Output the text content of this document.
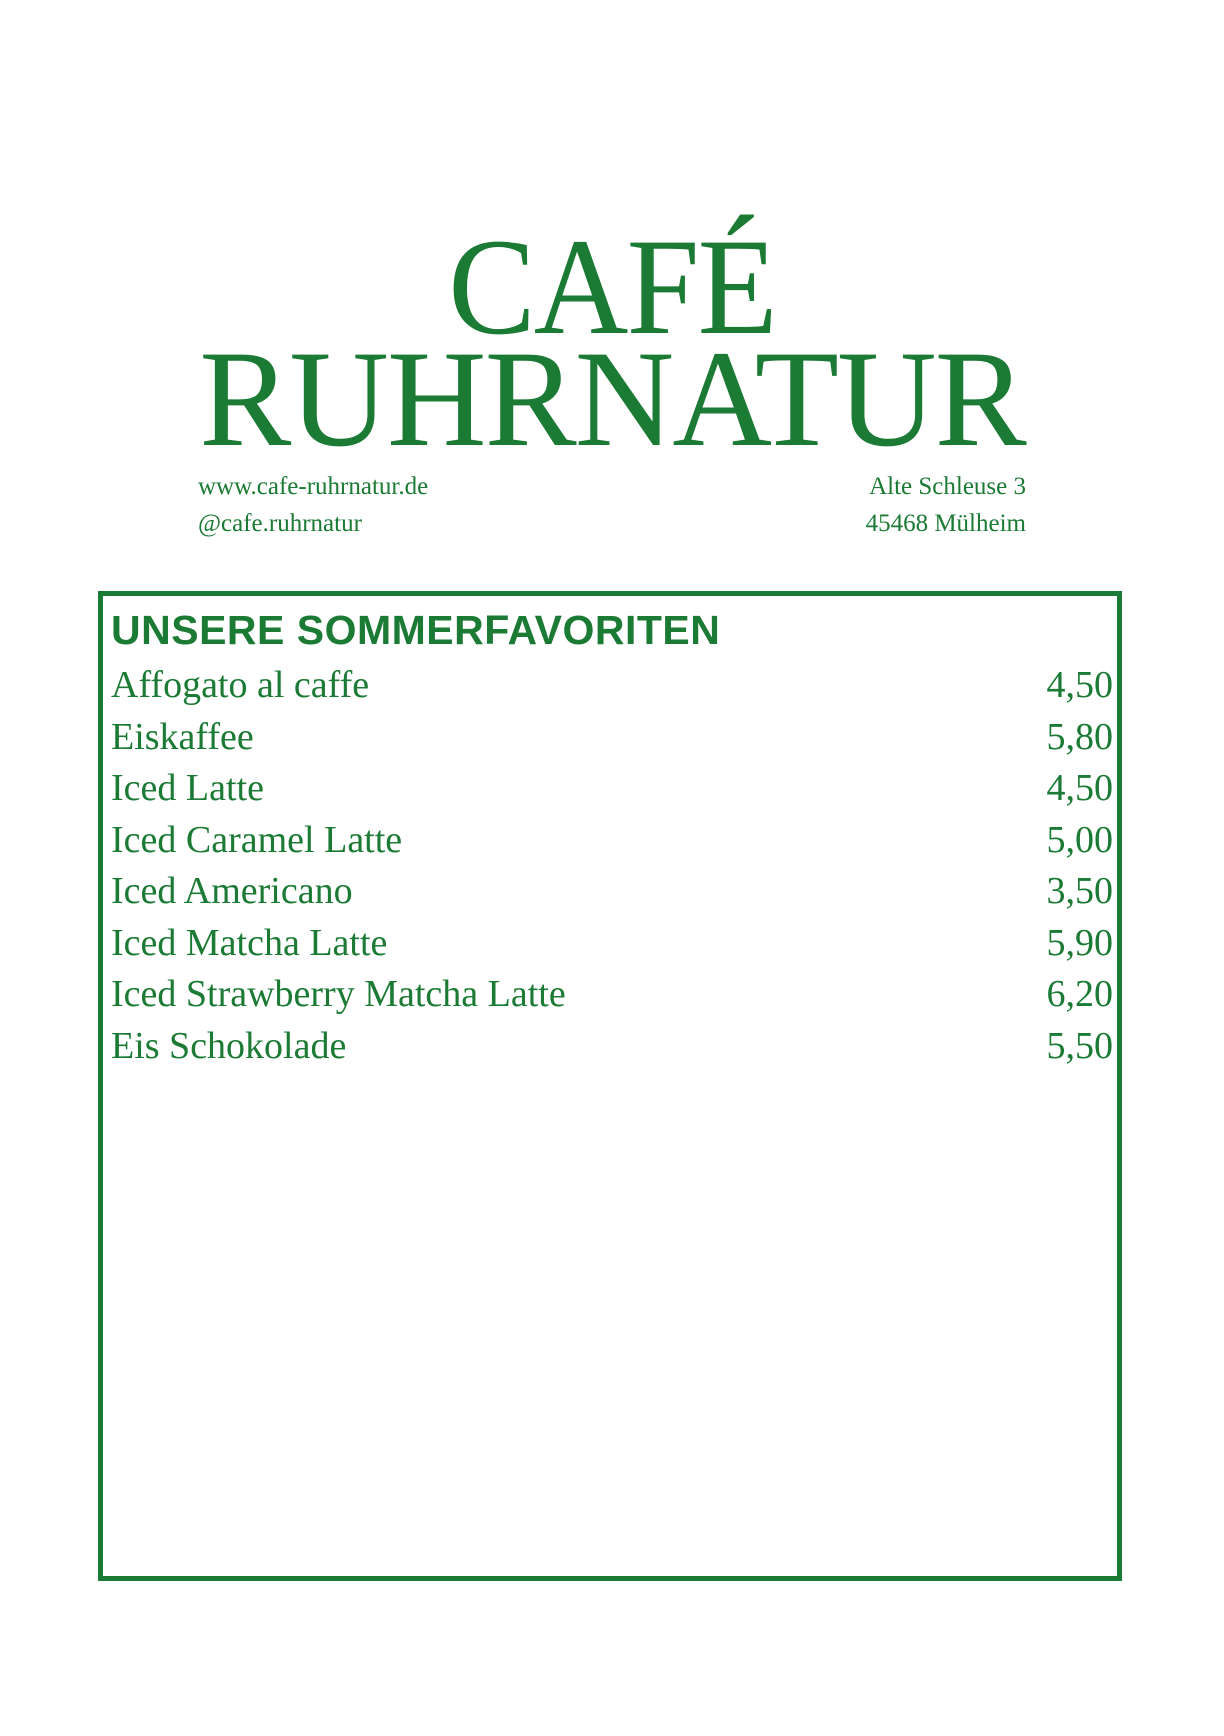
CAFÉ
RUHRNATUR
www.cafe-ruhrnatur.de
@cafe.ruhrnatur
Alte Schleuse 3
45468 Mülheim
UNSERE SOMMERFAVORITEN
Affogato al caffe	4,50
Eiskaffee	5,80
Iced Latte	4,50
Iced Caramel Latte	5,00
Iced Americano	3,50
Iced Matcha Latte	5,90
Iced Strawberry Matcha Latte	6,20
Eis Schokolade	5,50
